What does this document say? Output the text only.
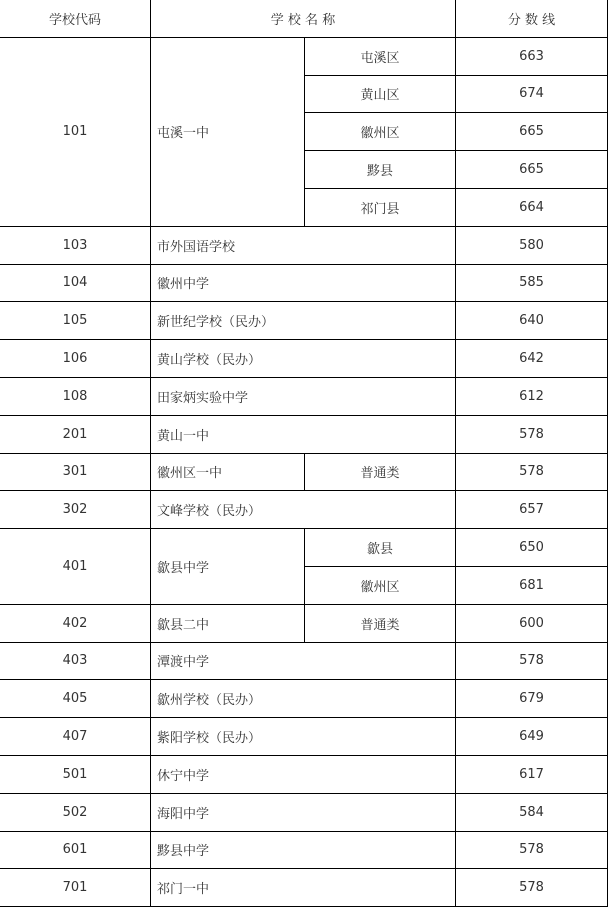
学校代码	学 校 名 称		分 数 线
101	屯溪一中	屯溪区	663
		黄山区	674
		徽州区	665
		黟县	665
		祁门县	664
103	市外国语学校		580
104	徽州中学		585
105	新世纪学校（民办）		640
106	黄山学校（民办）		642
108	田家炳实验中学		612
201	黄山一中		578
301	徽州区一中	普通类	578
302	文峰学校（民办）		657
401	歙县中学	歙县	650
		徽州区	681
402	歙县二中	普通类	600
403	潭渡中学		578
405	歙州学校（民办）		679
407	紫阳学校（民办）		649
501	休宁中学		617
502	海阳中学		584
601	黟县中学		578
701	祁门一中		578
